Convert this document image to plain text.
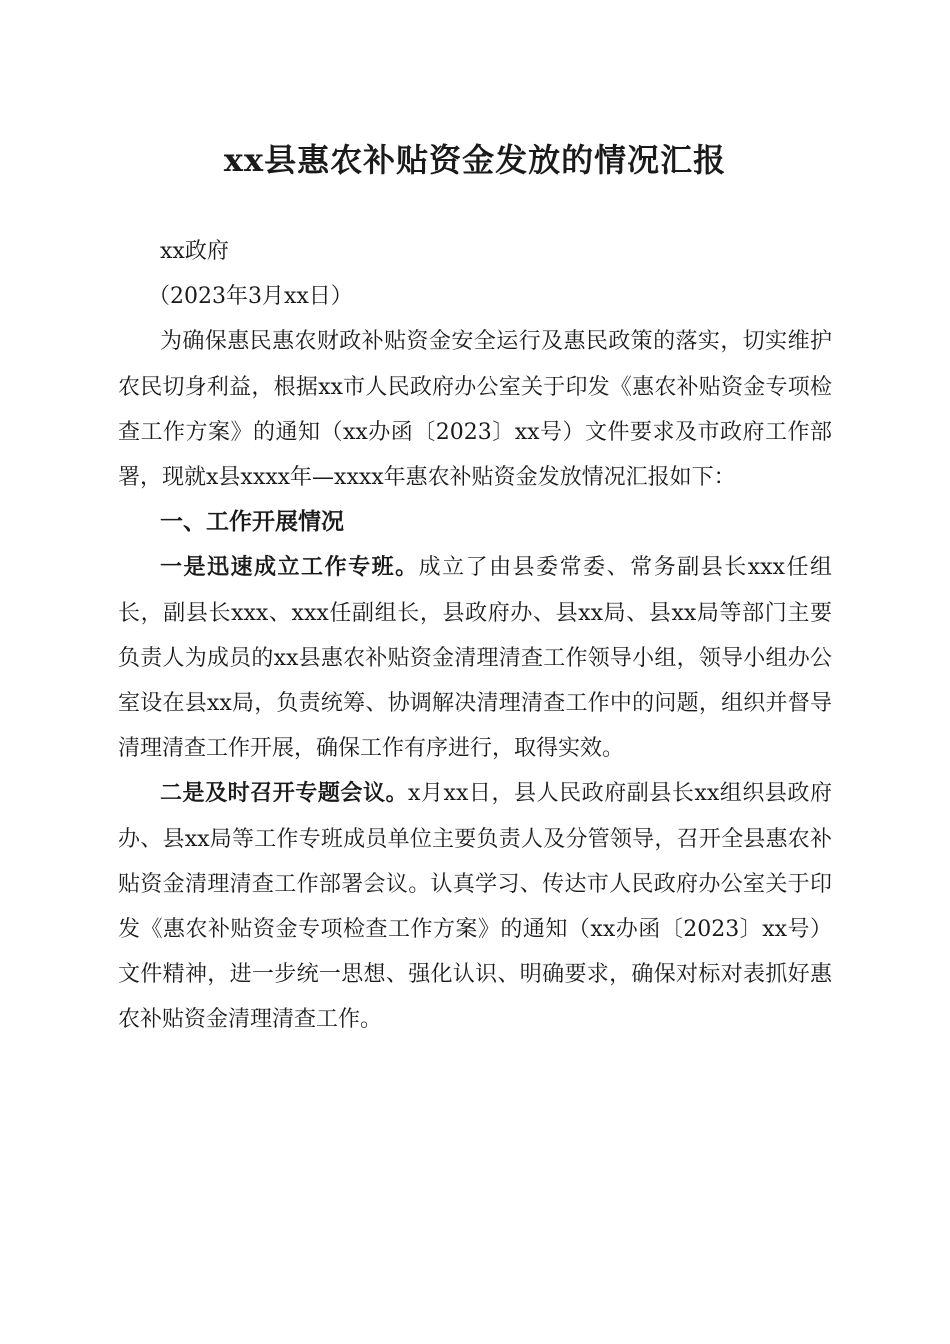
xx县惠农补贴资金发放的情况汇报

xx政府

（2023年3月xx日）

为确保惠民惠农财政补贴资金安全运行及惠民政策的落实，切实维护农民切身利益，根据xx市人民政府办公室关于印发《惠农补贴资金专项检查工作方案》的通知（xx办函〔2023〕xx号）文件要求及市政府工作部署，现就x县xxxx年—xxxx年惠农补贴资金发放情况汇报如下：

一、工作开展情况

一是迅速成立工作专班。成立了由县委常委、常务副县长xxx任组长，副县长xxx、xxx任副组长，县政府办、县xx局、县xx局等部门主要负责人为成员的xx县惠农补贴资金清理清查工作领导小组，领导小组办公室设在县xx局，负责统筹、协调解决清理清查工作中的问题，组织并督导清理清查工作开展，确保工作有序进行，取得实效。

二是及时召开专题会议。x月xx日，县人民政府副县长xx组织县政府办、县xx局等工作专班成员单位主要负责人及分管领导，召开全县惠农补贴资金清理清查工作部署会议。认真学习、传达市人民政府办公室关于印发《惠农补贴资金专项检查工作方案》的通知（xx办函〔2023〕xx号）文件精神，进一步统一思想、强化认识、明确要求，确保对标对表抓好惠农补贴资金清理清查工作。
